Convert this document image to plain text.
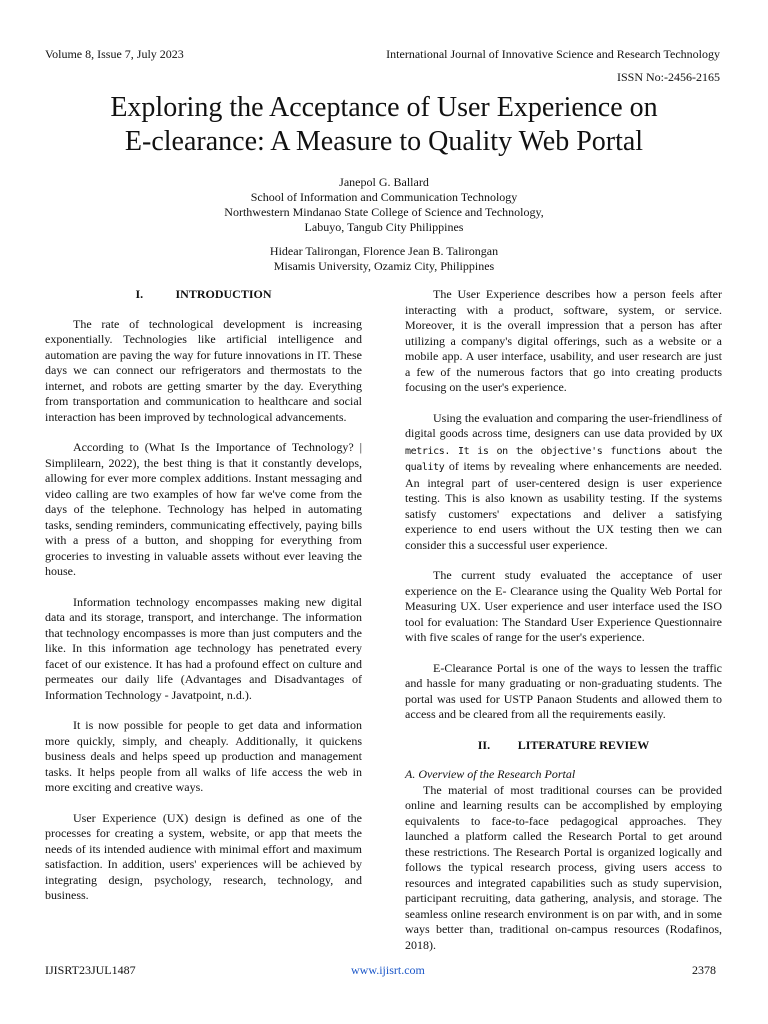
Volume 8, Issue 7, July 2023	International Journal of Innovative Science and Research Technology
ISSN No:-2456-2165
Exploring the Acceptance of User Experience on
E-clearance: A Measure to Quality Web Portal
Janepol G. Ballard
School of Information and Communication Technology
Northwestern Mindanao State College of Science and Technology,
Labuyo, Tangub City Philippines
Hidear Talirongan, Florence Jean B. Talirongan
Misamis University, Ozamiz City, Philippines
I.	INTRODUCTION

The rate of technological development is increasing exponentially. Technologies like artificial intelligence and automation are paving the way for future innovations in IT. These days we can connect our refrigerators and thermostats to the internet, and robots are getting smarter by the day. Everything from transportation and communication to healthcare and social interaction has been improved by technological advancements.

According to (What Is the Importance of Technology? | Simplilearn, 2022), the best thing is that it constantly develops, allowing for ever more complex additions. Instant messaging and video calling are two examples of how far we've come from the days of the telephone. Technology has helped in automating tasks, sending reminders, communicating effectively, paying bills with a press of a button, and shopping for everything from groceries to investing in valuable assets without ever leaving the house.

Information technology encompasses making new digital data and its storage, transport, and interchange. The information that technology encompasses is more than just computers and the like. In this information age technology has penetrated every facet of our existence. It has had a profound effect on culture and permeates our daily life (Advantages and Disadvantages of Information Technology - Javatpoint, n.d.).

It is now possible for people to get data and information more quickly, simply, and cheaply. Additionally, it quickens business deals and helps speed up production and management tasks. It helps people from all walks of life access the web in more exciting and creative ways.

User Experience (UX) design is defined as one of the processes for creating a system, website, or app that meets the needs of its intended audience with minimal effort and maximum satisfaction. In addition, users' experiences will be achieved by integrating design, psychology, research, technology, and business.

The User Experience describes how a person feels after interacting with a product, software, system, or service. Moreover, it is the overall impression that a person has after utilizing a company's digital offerings, such as a website or a mobile app. A user interface, usability, and user research are just a few of the numerous factors that go into creating products focusing on the user's experience.

Using the evaluation and comparing the user-friendliness of digital goods across time, designers can use data provided by UX metrics. It is on the objective's functions about the quality of items by revealing where enhancements are needed. An integral part of user-centered design is user experience testing. This is also known as usability testing. If the systems satisfy customers' expectations and deliver a satisfying experience to end users without the UX testing then we can consider this a successful user experience.

The current study evaluated the acceptance of user experience on the E- Clearance using the Quality Web Portal for Measuring UX. User experience and user interface used the ISO tool for evaluation: The Standard User Experience Questionnaire with five scales of range for the user's experience.

E-Clearance Portal is one of the ways to lessen the traffic and hassle for many graduating or non-graduating students. The portal was used for USTP Panaon Students and allowed them to access and be cleared from all the requirements easily.

II. LITERATURE REVIEW
A. Overview of the Research Portal

The material of most traditional courses can be provided online and learning results can be accomplished by employing equivalents to face-to-face pedagogical approaches. They launched a platform called the Research Portal to get around these restrictions. The Research Portal is organized logically and follows the typical research process, giving users access to resources and integrated capabilities such as study supervision, participant recruiting, data gathering, analysis, and storage. The seamless online research environment is on par with, and in some ways better than, traditional on-campus resources (Rodafinos, 2018).

IJISRT23JUL1487	www.ijisrt.com	2378
